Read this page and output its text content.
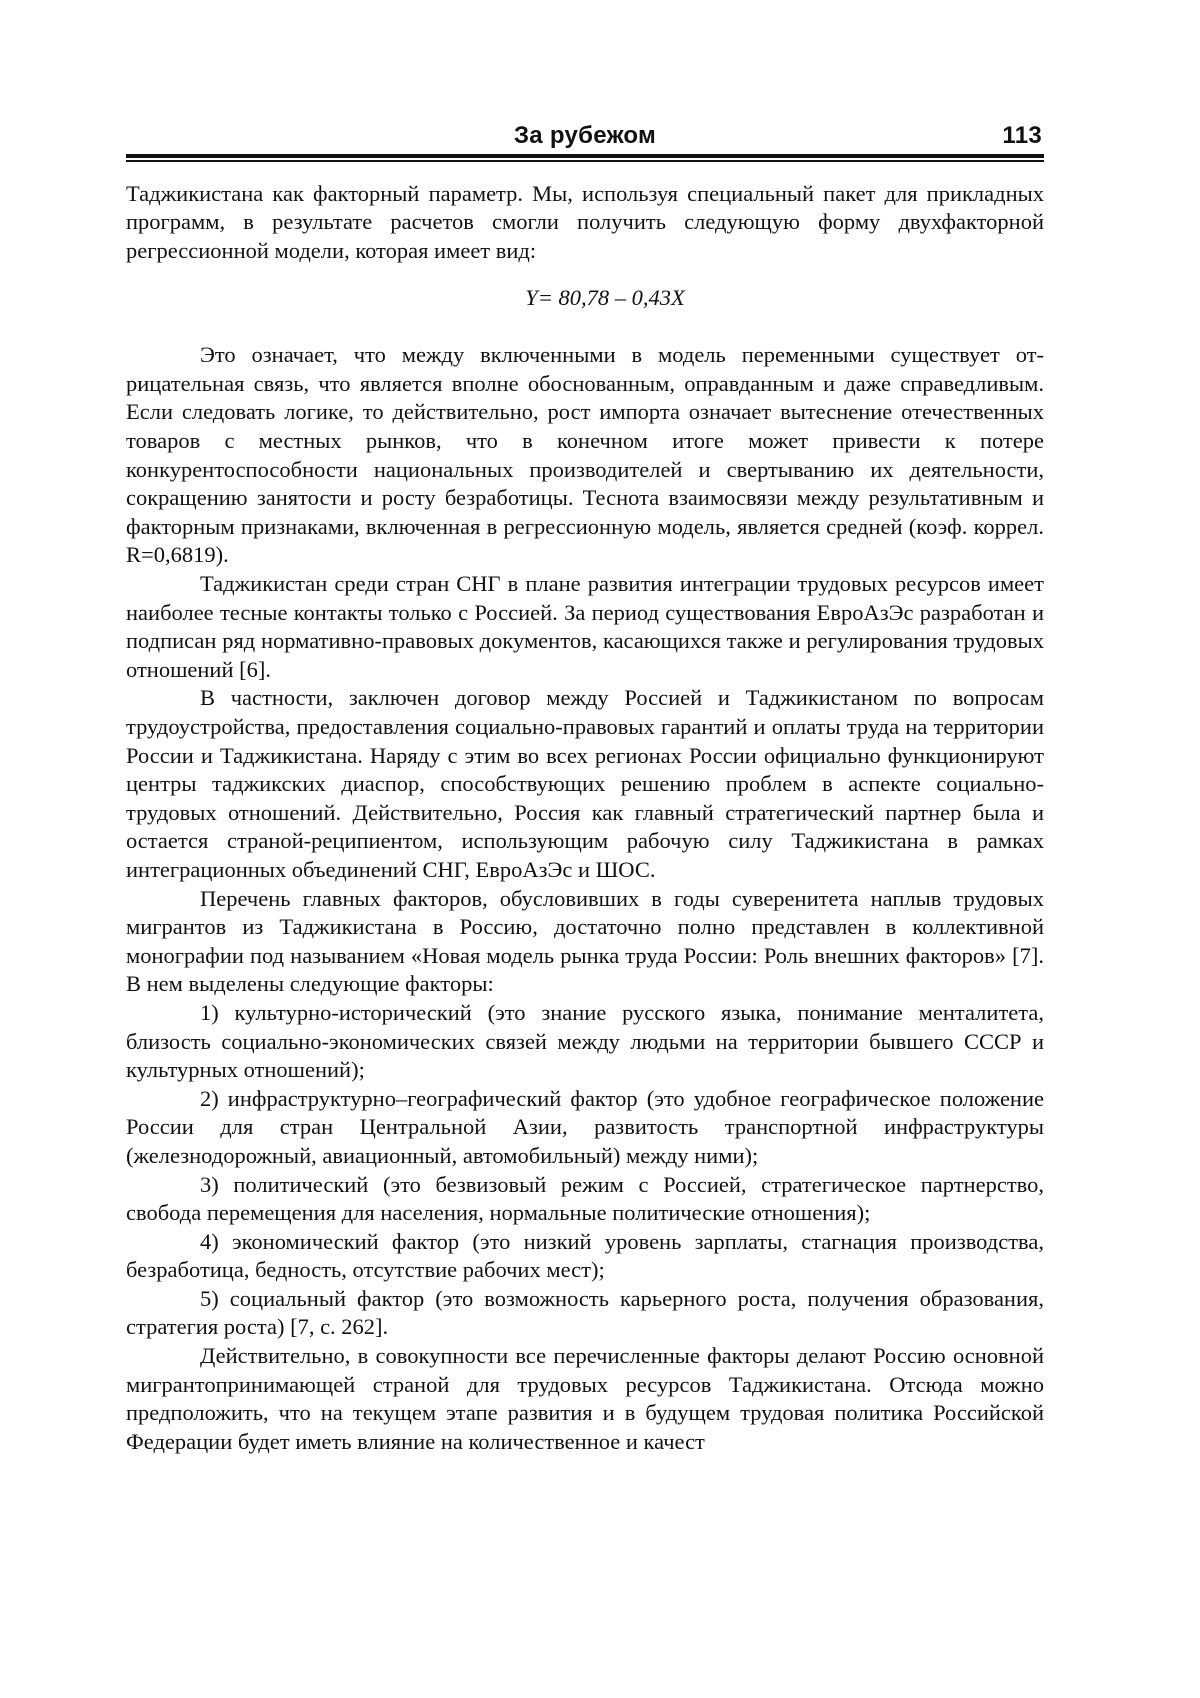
За рубежом	113

Таджикистана как факторный параметр. Мы, используя специальный пакет для прикладных программ, в результате расчетов смогли получить следующую форму двухфакторной регрессионной модели, которая имеет вид:

Y= 80,78 – 0,43X

Это означает, что между включенными в модель переменными существует отрицательная связь, что является вполне обоснованным, оправданным и даже справедливым. Если следовать логике, то действительно, рост импорта означает вытеснение отечественных товаров с местных рынков, что в конечном итоге может привести к потере конкурентоспособности национальных производителей и свертыванию их деятельности, сокращению занятости и росту безработицы. Теснота взаимосвязи между результативным и факторным признаками, включенная в регрессионную модель, является средней (коэф. коррел. R=0,6819).

Таджикистан среди стран СНГ в плане развития интеграции трудовых ресурсов имеет наиболее тесные контакты только с Россией. За период существования ЕвроАзЭс разработан и подписан ряд нормативно-правовых документов, касающихся также и регулирования трудовых отношений [6].

В частности, заключен договор между Россией и Таджикистаном по вопросам трудоустройства, предоставления социально-правовых гарантий и оплаты труда на территории России и Таджикистана. Наряду с этим во всех регионах России официально функционируют центры таджикских диаспор, способствующих решению проблем в аспекте социально-трудовых отношений. Действительно, Россия как главный стратегический партнер была и остается страной-реципиентом, использующим рабочую силу Таджикистана в рамках интеграционных объединений СНГ, ЕвроАзЭс и ШОС.

Перечень главных факторов, обусловивших в годы суверенитета наплыв трудовых мигрантов из Таджикистана в Россию, достаточно полно представлен в коллективной монографии под называнием «Новая модель рынка труда России: Роль внешних факторов» [7]. В нем выделены следующие факторы:

1) культурно-исторический (это знание русского языка, понимание менталитета, близость социально-экономических связей между людьми на территории бывшего СССР и культурных отношений);

2) инфраструктурно–географический фактор (это удобное географическое положение России для стран Центральной Азии, развитость транспортной инфраструктуры (железнодорожный, авиационный, автомобильный) между ними);

3) политический (это безвизовый режим с Россией, стратегическое партнерство, свобода перемещения для населения, нормальные политические отношения);

4) экономический фактор (это низкий уровень зарплаты, стагнация производства, безработица, бедность, отсутствие рабочих мест);

5) социальный фактор (это возможность карьерного роста, получения образования, стратегия роста) [7, с. 262].

Действительно, в совокупности все перечисленные факторы делают Россию основной мигрантопринимающей страной для трудовых ресурсов Таджикистана. Отсюда можно предположить, что на текущем этапе развития и в будущем трудовая политика Российской Федерации будет иметь влияние на количественное и качест
